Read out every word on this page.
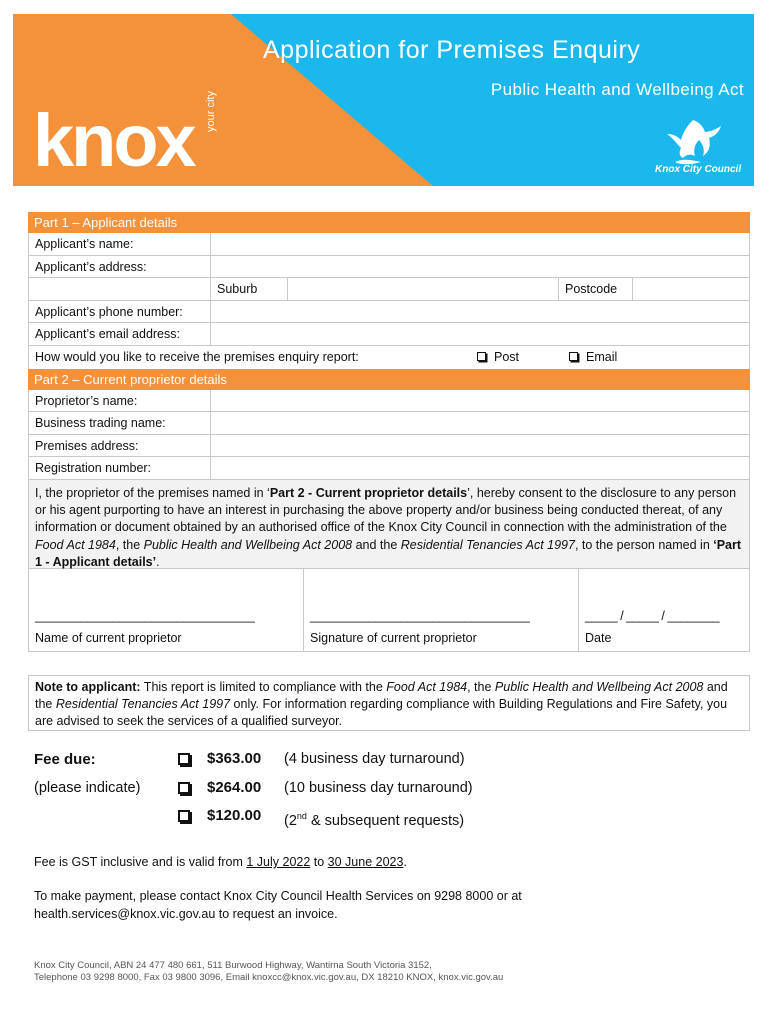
Application for Premises Enquiry
Public Health and Wellbeing Act
knox your city
Knox City Council
Part 1 – Applicant details
Applicant’s name:
Applicant’s address:
Suburb	Postcode
Applicant’s phone number:
Applicant’s email address:
How would you like to receive the premises enquiry report:	Post	Email
Part 2 – Current proprietor details
Proprietor’s name:
Business trading name:
Premises address:
Registration number:
I, the proprietor of the premises named in ‘Part 2 - Current proprietor details’, hereby consent to the disclosure to any person or his agent purporting to have an interest in purchasing the above property and/or business being conducted thereat, of any information or document obtained by an authorised office of the Knox City Council in connection with the administration of the Food Act 1984, the Public Health and Wellbeing Act 2008 and the Residential Tenancies Act 1997, to the person named in ‘Part 1 - Applicant details’.
__________________________________
Name of current proprietor
__________________________________
Signature of current proprietor
_____ / _____ / ________
Date
Note to applicant: This report is limited to compliance with the Food Act 1984, the Public Health and Wellbeing Act 2008 and the Residential Tenancies Act 1997 only. For information regarding compliance with Building Regulations and Fire Safety, you are advised to seek the services of a qualified surveyor.
Fee due:
(please indicate)
$363.00 (4 business day turnaround)
$264.00 (10 business day turnaround)
$120.00 (2nd & subsequent requests)
Fee is GST inclusive and is valid from 1 July 2022 to 30 June 2023.
To make payment, please contact Knox City Council Health Services on 9298 8000 or at
health.services@knox.vic.gov.au to request an invoice.
Knox City Council, ABN 24 477 480 661, 511 Burwood Highway, Wantirna South Victoria 3152,
Telephone 03 9298 8000, Fax 03 9800 3096, Email knoxcc@knox.vic.gov.au, DX 18210 KNOX, knox.vic.gov.au
